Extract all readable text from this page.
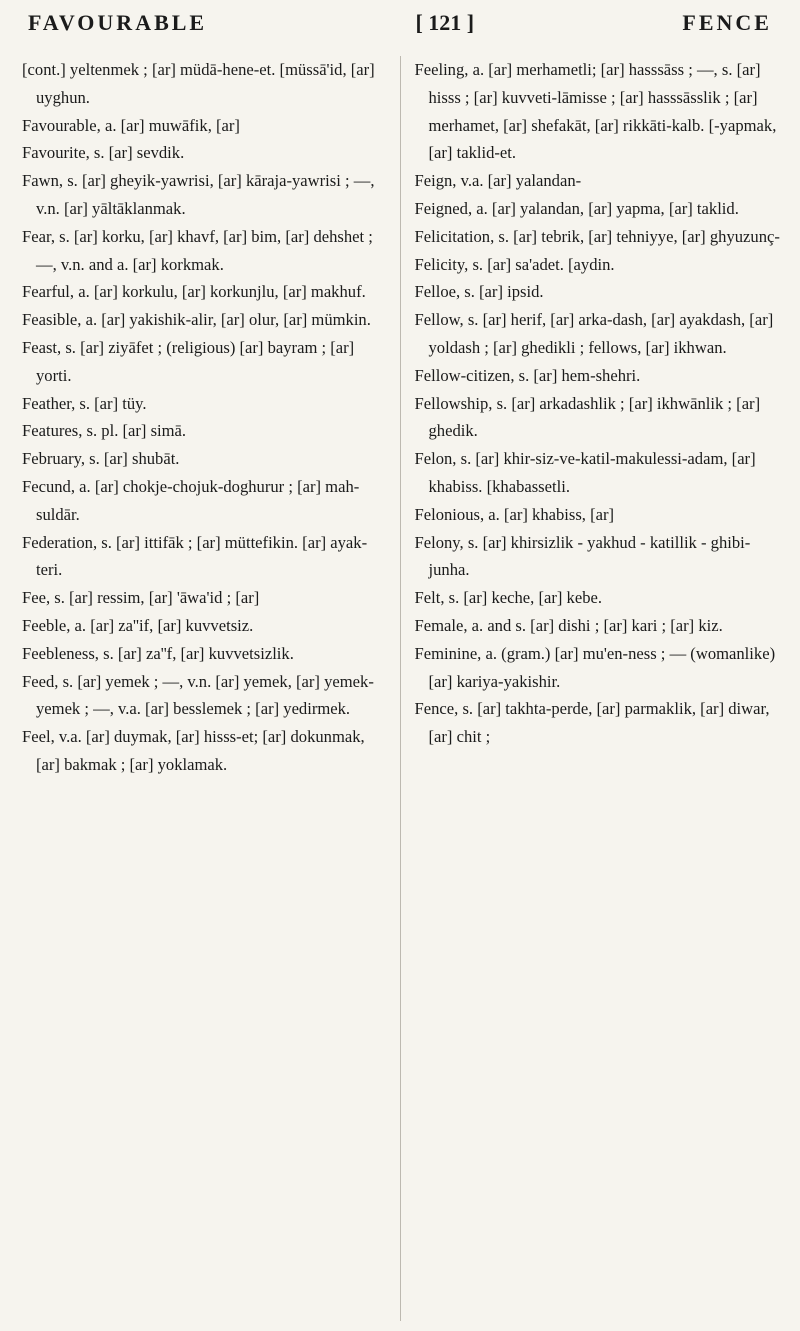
FAVOURABLE	[ 121 ]	FENCE

[cont.] yeltenmek ; [ar] müdā-hene-et. [müssā'id, [ar] uyghun.

Favourable, a. [ar] muwāfik, [ar]

Favourite, s. [ar] sevdik.

Fawn, s. [ar] gheyik-yawrisi, [ar] kāraja-yawrisi ; —, v.n. [ar] yāltāklanmak.

Fear, s. [ar] korku, [ar] khavf, [ar] bim, [ar] dehshet ; —, v.n. and a. [ar] korkmak.

Fearful, a. [ar] korkulu, [ar] korkunjlu, [ar] makhuf.

Feasible, a. [ar] yakishik-alir, [ar] olur, [ar] mümkin.

Feast, s. [ar] ziyāfet ; (religious) [ar] bayram ; [ar] yorti.

Feather, s. [ar] tüy.

Features, s. pl. [ar] simā.

February, s. [ar] shubāt.

Fecund, a. [ar] chokje-chojuk-doghurur ; [ar] mah-suldār.

Federation, s. [ar] ittifāk ; [ar] müttefikin. [ar] ayak-teri.

Fee, s. [ar] ressim, [ar] 'āwa'id ; [ar]

Feeble, a. [ar] za''if, [ar] kuvvetsiz.

Feebleness, s. [ar] za''f, [ar] kuvvetsizlik.

Feed, s. [ar] yemek ; —, v.n. [ar] yemek, [ar] yemek-yemek ; —, v.a. [ar] besslemek ; [ar] yedirmek.

Feel, v.a. [ar] duymak, [ar] hisss-et; [ar] dokunmak, [ar] bakmak ; [ar] yoklamak.

Feeling, a. [ar] merhametli; [ar] hasssāss ; —, s. [ar] hisss ; [ar] kuvveti-lāmisse ; [ar] hasssāsslik ; [ar] merhamet, [ar] shefakāt, [ar] rikkāti-kalb. [-yapmak, [ar] taklid-et.

Feign, v.a. [ar] yalandan-

Feigned, a. [ar] yalandan, [ar] yapma, [ar] taklid.

Felicitation, s. [ar] tebrik, [ar] tehniyye, [ar] ghyuzunç-

Felicity, s. [ar] sa'adet. [aydin.

Felloe, s. [ar] ipsid.

Fellow, s. [ar] herif, [ar] arka-dash, [ar] ayakdash, [ar] yoldash ; [ar] ghedikli ; fellows, [ar] ikhwan.

Fellow-citizen, s. [ar] hem-shehri.

Fellowship, s. [ar] arkadashlik ; [ar] ikhwānlik ; [ar] ghedik.

Felon, s. [ar] khir-siz-ve-katil-makulessi-adam, [ar] khabiss. [khabassetli.

Felonious, a. [ar] khabiss, [ar]

Felony, s. [ar] khirsizlik - yakhud - katillik - ghibi-junha.

Felt, s. [ar] keche, [ar] kebe.

Female, a. and s. [ar] dishi ; [ar] kari ; [ar] kiz.

Feminine, a. (gram.) [ar] mu'en-ness ; — (womanlike) [ar] kariya-yakishir.

Fence, s. [ar] takhta-perde, [ar] parmaklik, [ar] diwar, [ar] chit ;
